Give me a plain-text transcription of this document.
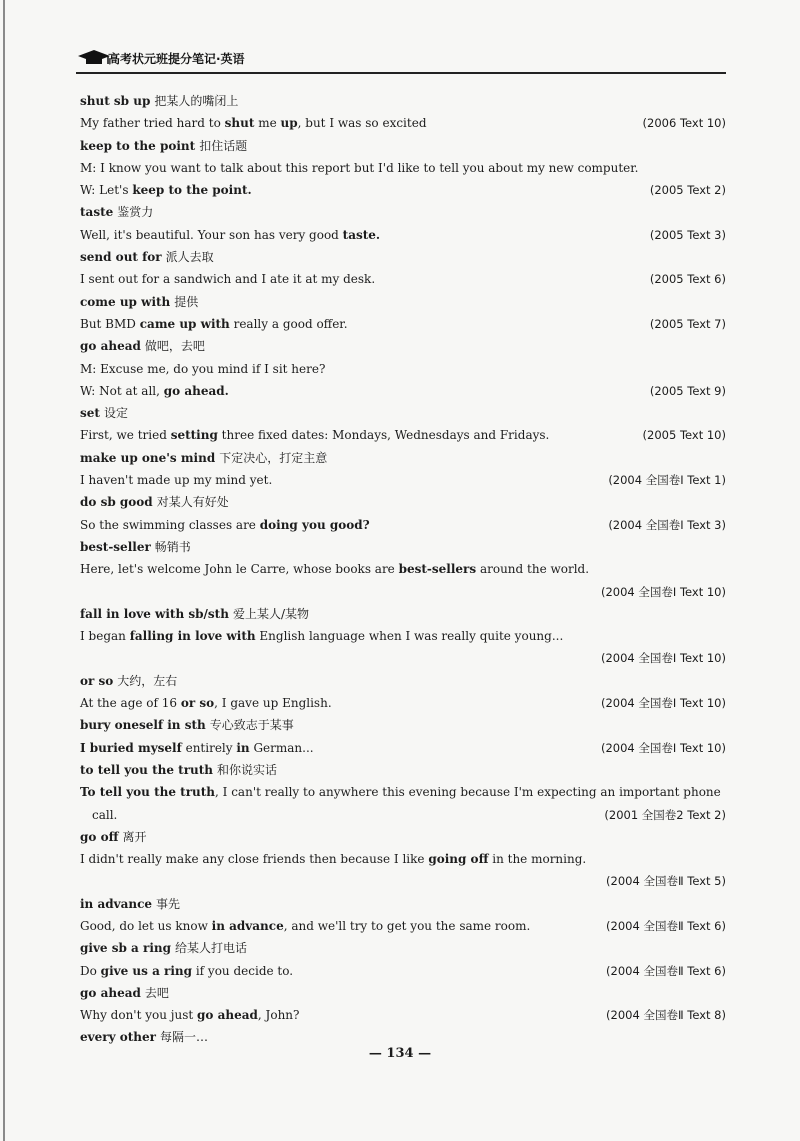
高考状元班提分笔记·英语
shut sb up 把某人的嘴闭上
My father tried hard to shut me up, but I was so excited	(2006 Text 10)
keep to the point 扣住话题
M: I know you want to talk about this report but I'd like to tell you about my new computer.
W: Let's keep to the point.	(2005 Text 2)
taste 鉴赏力
Well, it's beautiful. Your son has very good taste.	(2005 Text 3)
send out for 派人去取
I sent out for a sandwich and I ate it at my desk.	(2005 Text 6)
come up with 提供
But BMD came up with really a good offer.	(2005 Text 7)
go ahead 做吧，去吧
M: Excuse me, do you mind if I sit here?
W: Not at all, go ahead.	(2005 Text 9)
set 设定
First, we tried setting three fixed dates: Mondays, Wednesdays and Fridays.	(2005 Text 10)
make up one's mind 下定决心，打定主意
I haven't made up my mind yet.	(2004 全国卷Ⅰ Text 1)
do sb good 对某人有好处
So the swimming classes are doing you good?	(2004 全国卷Ⅰ Text 3)
best-seller 畅销书
Here, let's welcome John le Carre, whose books are best-sellers around the world.
(2004 全国卷Ⅰ Text 10)
fall in love with sb/sth 爱上某人/某物
I began falling in love with English language when I was really quite young...
(2004 全国卷Ⅰ Text 10)
or so 大约，左右
At the age of 16 or so, I gave up English.	(2004 全国卷Ⅰ Text 10)
bury oneself in sth 专心致志于某事
I buried myself entirely in German...	(2004 全国卷Ⅰ Text 10)
to tell you the truth 和你说实话
To tell you the truth, I can't really to anywhere this evening because I'm expecting an important phone
call.	(2001 全国卷2 Text 2)
go off 离开
I didn't really make any close friends then because I like going off in the morning.
(2004 全国卷Ⅱ Text 5)
in advance 事先
Good, do let us know in advance, and we'll try to get you the same room.	(2004 全国卷Ⅱ Text 6)
give sb a ring 给某人打电话
Do give us a ring if you decide to.	(2004 全国卷Ⅱ Text 6)
go ahead 去吧
Why don't you just go ahead, John?	(2004 全国卷Ⅱ Text 8)
every other 每隔一…
— 134 —
